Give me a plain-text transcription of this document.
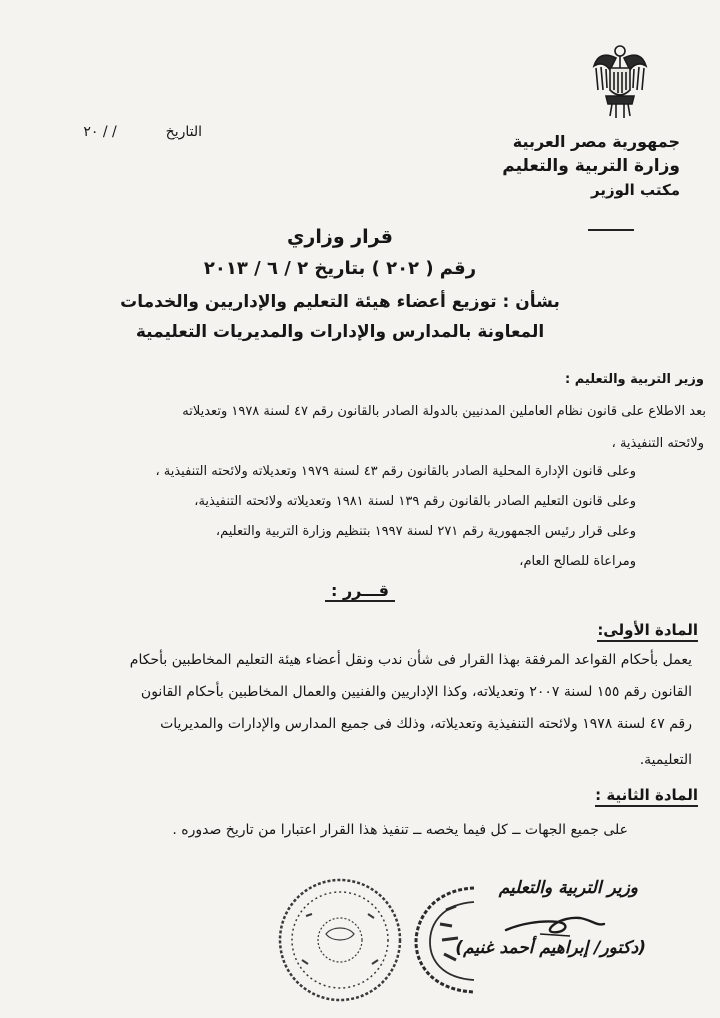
جمهورية مصر العربية
وزارة التربية والتعليم
مكتب الوزير
التاريخ  / / ٢٠
قرار وزاري
رقم ( ٢٠٢ ) بتاريخ ٢ / ٦ / ٢٠١٣
بشأن : توزيع أعضاء هيئة التعليم والإداريين والخدمات
المعاونة بالمدارس والإدارات والمديريات التعليمية
وزير التربية والتعليم :
بعد الاطلاع على قانون نظام العاملين المدنيين بالدولة الصادر بالقانون رقم ٤٧ لسنة ١٩٧٨ وتعديلاته
ولائحته التنفيذية ،
وعلى قانون الإدارة المحلية الصادر بالقانون رقم ٤٣ لسنة ١٩٧٩ وتعديلاته ولائحته التنفيذية ،
وعلى قانون التعليم الصادر بالقانون رقم ١٣٩ لسنة ١٩٨١ وتعديلاته ولائحته التنفيذية،
وعلى قرار رئيس الجمهورية رقم ٢٧١ لسنة ١٩٩٧ بتنظيم وزارة التربية والتعليم،
ومراعاة للصالح العام،
قـــرر :
المادة الأولى:
يعمل بأحكام القواعد المرفقة بهذا القرار فى شأن ندب ونقل أعضاء هيئة التعليم المخاطبين بأحكام
القانون رقم ١٥٥ لسنة ٢٠٠٧ وتعديلاته، وكذا الإداريين والفنيين والعمال المخاطبين بأحكام القانون
رقم ٤٧ لسنة ١٩٧٨ ولائحته التنفيذية وتعديلاته، وذلك فى جميع المدارس والإدارات والمديريات
التعليمية.
المادة الثانية :
على جميع الجهات ــ كل فيما يخصه ــ تنفيذ هذا القرار اعتبارا من تاريخ صدوره .
وزير التربية والتعليم
(دكتور/ إبراهيم أحمد غنيم)
